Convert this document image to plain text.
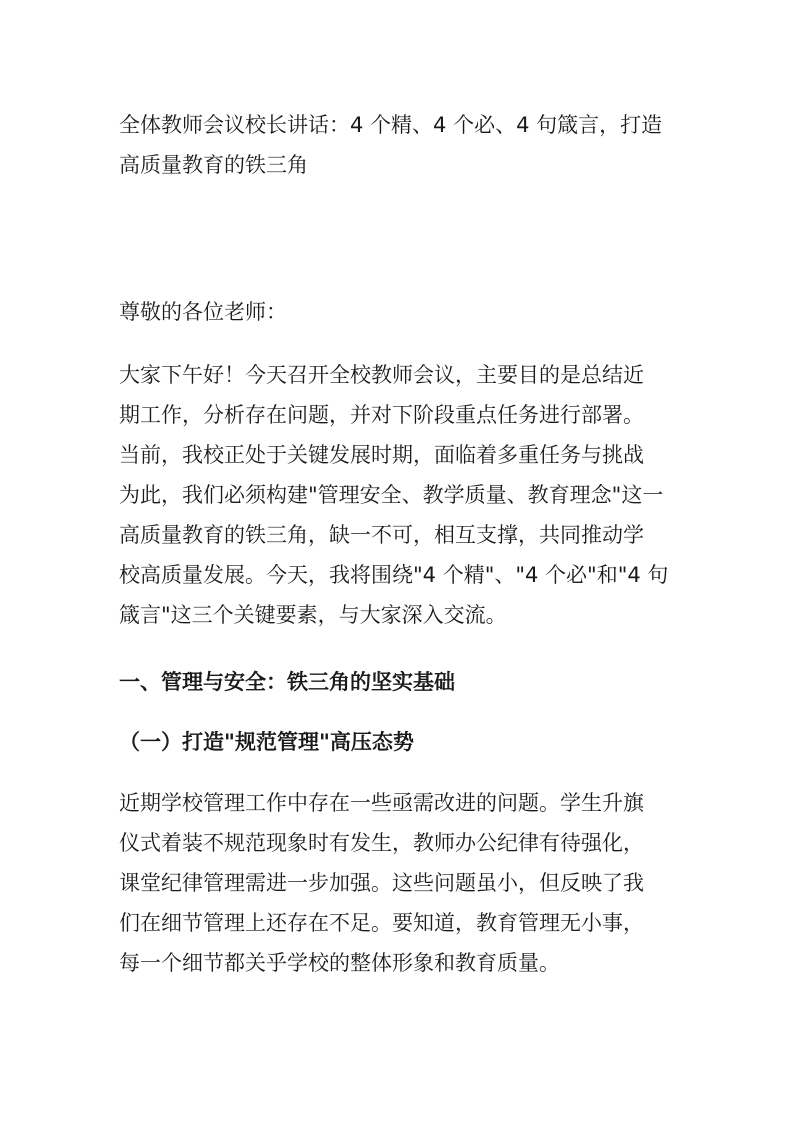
全体教师会议校长讲话：4 个精、4 个必、4 句箴言，打造
高质量教育的铁三角
尊敬的各位老师：
大家下午好！今天召开全校教师会议，主要目的是总结近
期工作，分析存在问题，并对下阶段重点任务进行部署。
当前，我校正处于关键发展时期，面临着多重任务与挑战
为此，我们必须构建"管理安全、教学质量、教育理念"这一
高质量教育的铁三角，缺一不可，相互支撑，共同推动学
校高质量发展。今天，我将围绕"4 个精"、"4 个必"和"4 句
箴言"这三个关键要素，与大家深入交流。
一、管理与安全：铁三角的坚实基础
（一）打造"规范管理"高压态势
近期学校管理工作中存在一些亟需改进的问题。学生升旗
仪式着装不规范现象时有发生，教师办公纪律有待强化，
课堂纪律管理需进一步加强。这些问题虽小，但反映了我
们在细节管理上还存在不足。要知道，教育管理无小事，
每一个细节都关乎学校的整体形象和教育质量。
